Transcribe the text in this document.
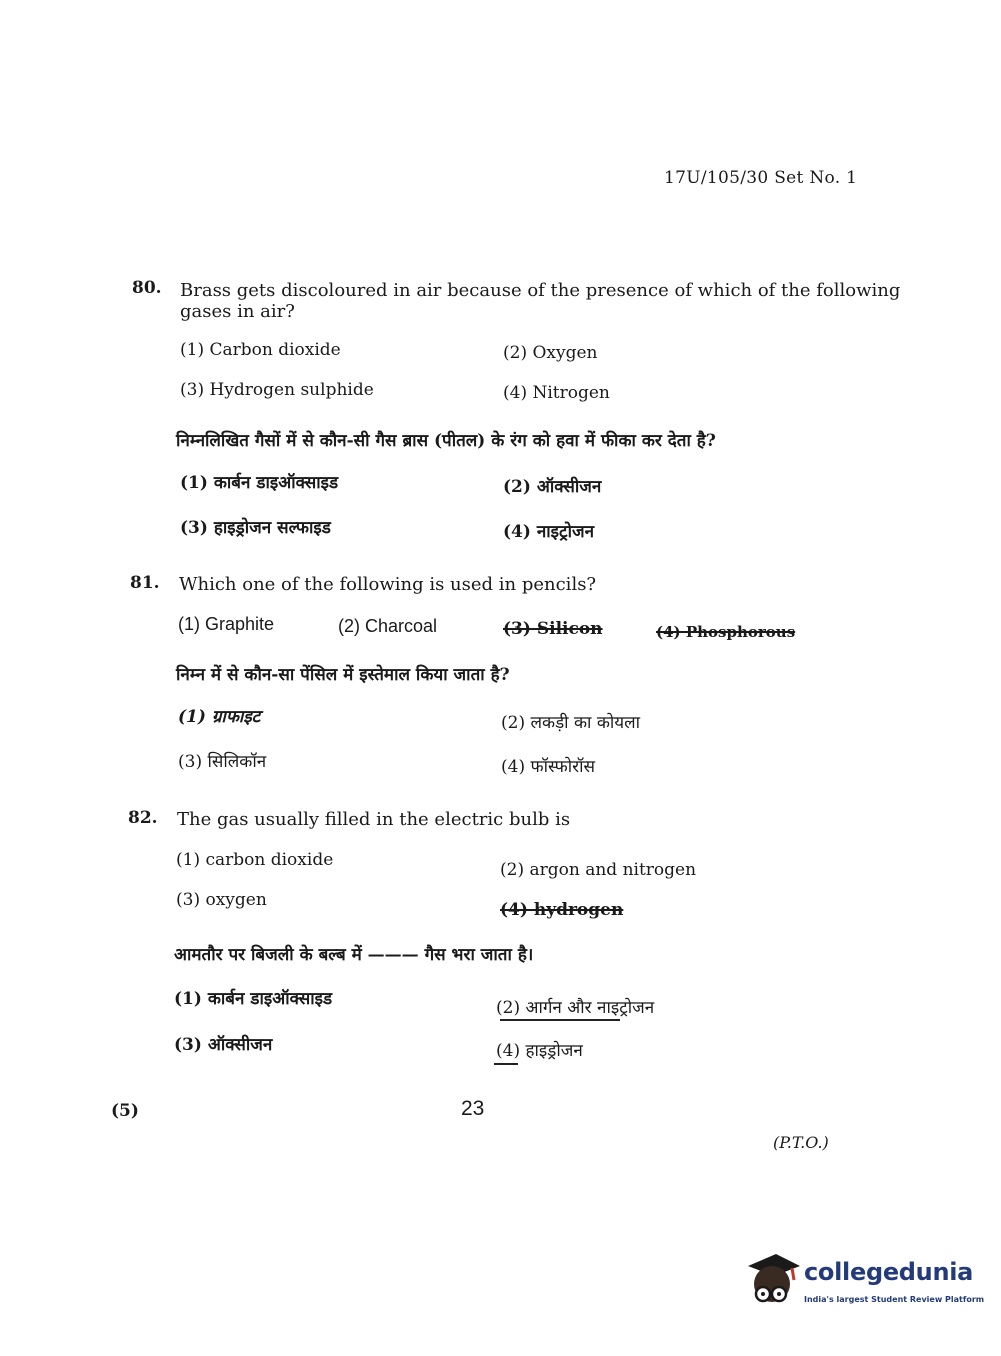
17U/105/30 Set No. 1
80. Brass gets discoloured in air because of the presence of which of the following
gases in air?
(1) Carbon dioxide	(2) Oxygen
(3) Hydrogen sulphide	(4) Nitrogen
निम्नलिखित गैसों में से कौन-सी गैस ब्रास (पीतल) के रंग को हवा में फीका कर देता है?
(1) कार्बन डाइऑक्साइड	(2) ऑक्सीजन
(3) हाइड्रोजन सल्फाइड	(4) नाइट्रोजन
81. Which one of the following is used in pencils?
(1) Graphite	(2) Charcoal	(3) Silicon	(4) Phosphorous
निम्न में से कौन-सा पेंसिल में इस्तेमाल किया जाता है?
(1) ग्राफाइट	(2) लकड़ी का कोयला
(3) सिलिकॉन	(4) फॉस्फोरॉस
82. The gas usually filled in the electric bulb is
(1) carbon dioxide	(2) argon and nitrogen
(3) oxygen	(4) hydrogen
आमतौर पर बिजली के बल्ब में ——— गैस भरा जाता है।
(1) कार्बन डाइऑक्साइड	(2) आर्गन और नाइट्रोजन
(3) ऑक्सीजन	(4) हाइड्रोजन
(5)	23
(P.T.O.)
collegedunia
India's largest Student Review Platform
